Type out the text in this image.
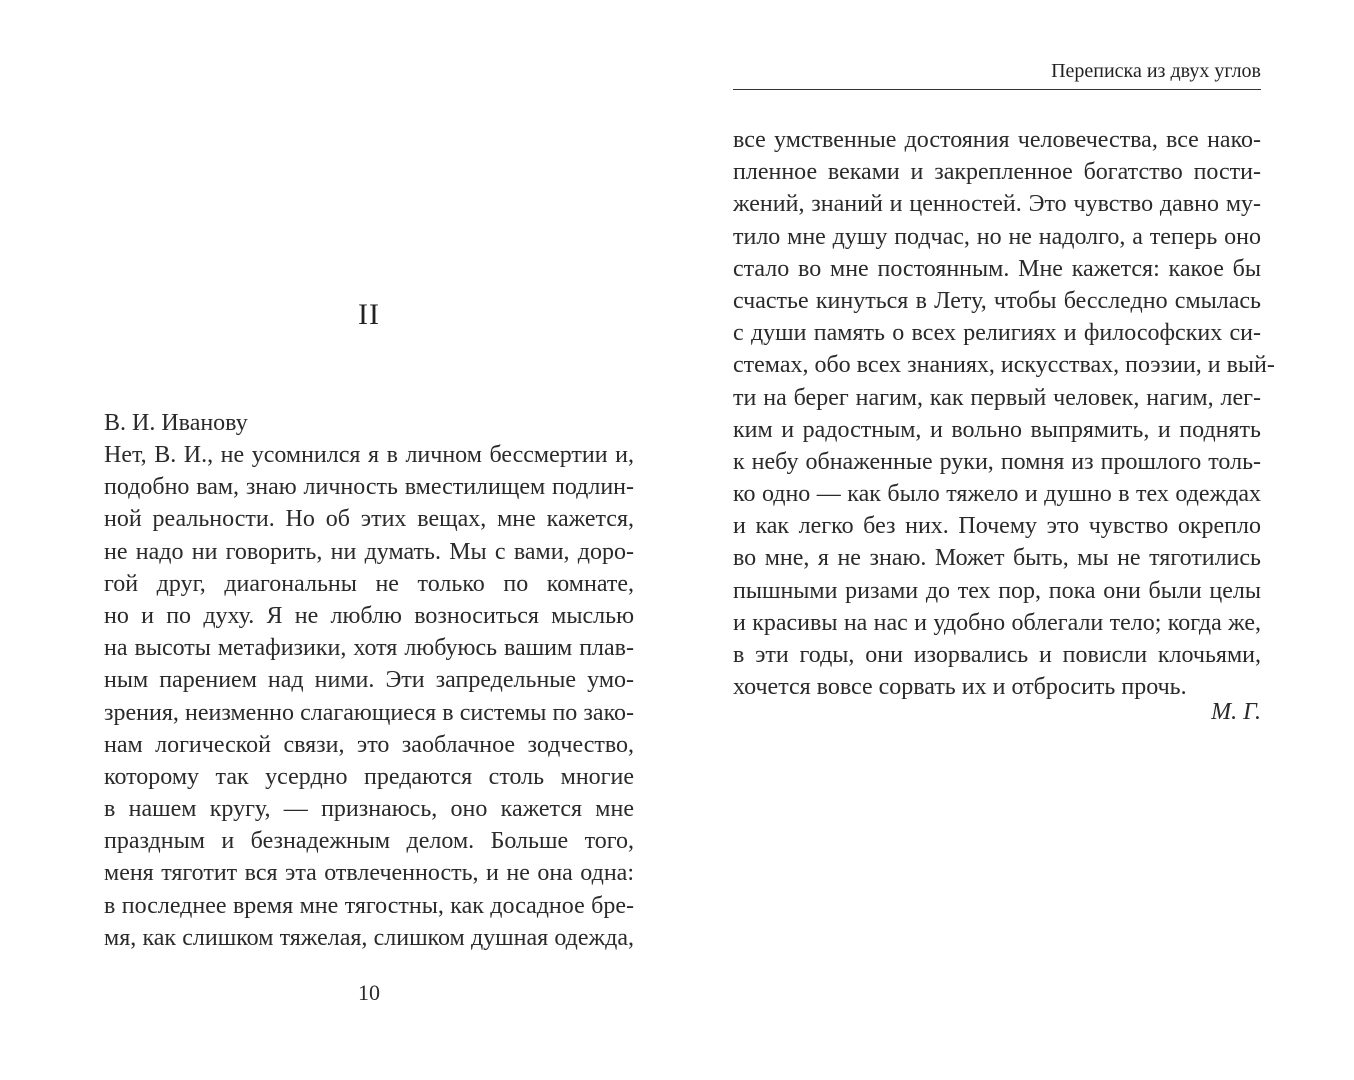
II
В. И. Иванову
Нет, В. И., не усомнился я в личном бессмертии и,
подобно вам, знаю личность вместилищем подлин-
ной реальности. Но об этих вещах, мне кажется,
не надо ни говорить, ни думать. Мы с вами, доро-
гой друг, диагональны не только по комнате,
но и по духу. Я не люблю возноситься мыслью
на высоты метафизики, хотя любуюсь вашим плав-
ным парением над ними. Эти запредельные умо-
зрения, неизменно слагающиеся в системы по зако-
нам логической связи, это заоблачное зодчество,
которому так усердно предаются столь многие
в нашем кругу, — признаюсь, оно кажется мне
праздным и безнадежным делом. Больше того,
меня тяготит вся эта отвлеченность, и не она одна:
в последнее время мне тягостны, как досадное бре-
мя, как слишком тяжелая, слишком душная одежда,
10
Переписка из двух углов
все умственные достояния человечества, все нако-
пленное веками и закрепленное богатство пости-
жений, знаний и ценностей. Это чувство давно му-
тило мне душу подчас, но не надолго, а теперь оно
стало во мне постоянным. Мне кажется: какое бы
счастье кинуться в Лету, чтобы бесследно смылась
с души память о всех религиях и философских си-
стемах, обо всех знаниях, искусствах, поэзии, и вый-
ти на берег нагим, как первый человек, нагим, лег-
ким и радостным, и вольно выпрямить, и поднять
к небу обнаженные руки, помня из прошлого толь-
ко одно — как было тяжело и душно в тех одеждах
и как легко без них. Почему это чувство окрепло
во мне, я не знаю. Может быть, мы не тяготились
пышными ризами до тех пор, пока они были целы
и красивы на нас и удобно облегали тело; когда же,
в эти годы, они изорвались и повисли клочьями,
хочется вовсе сорвать их и отбросить прочь.
М. Г.
